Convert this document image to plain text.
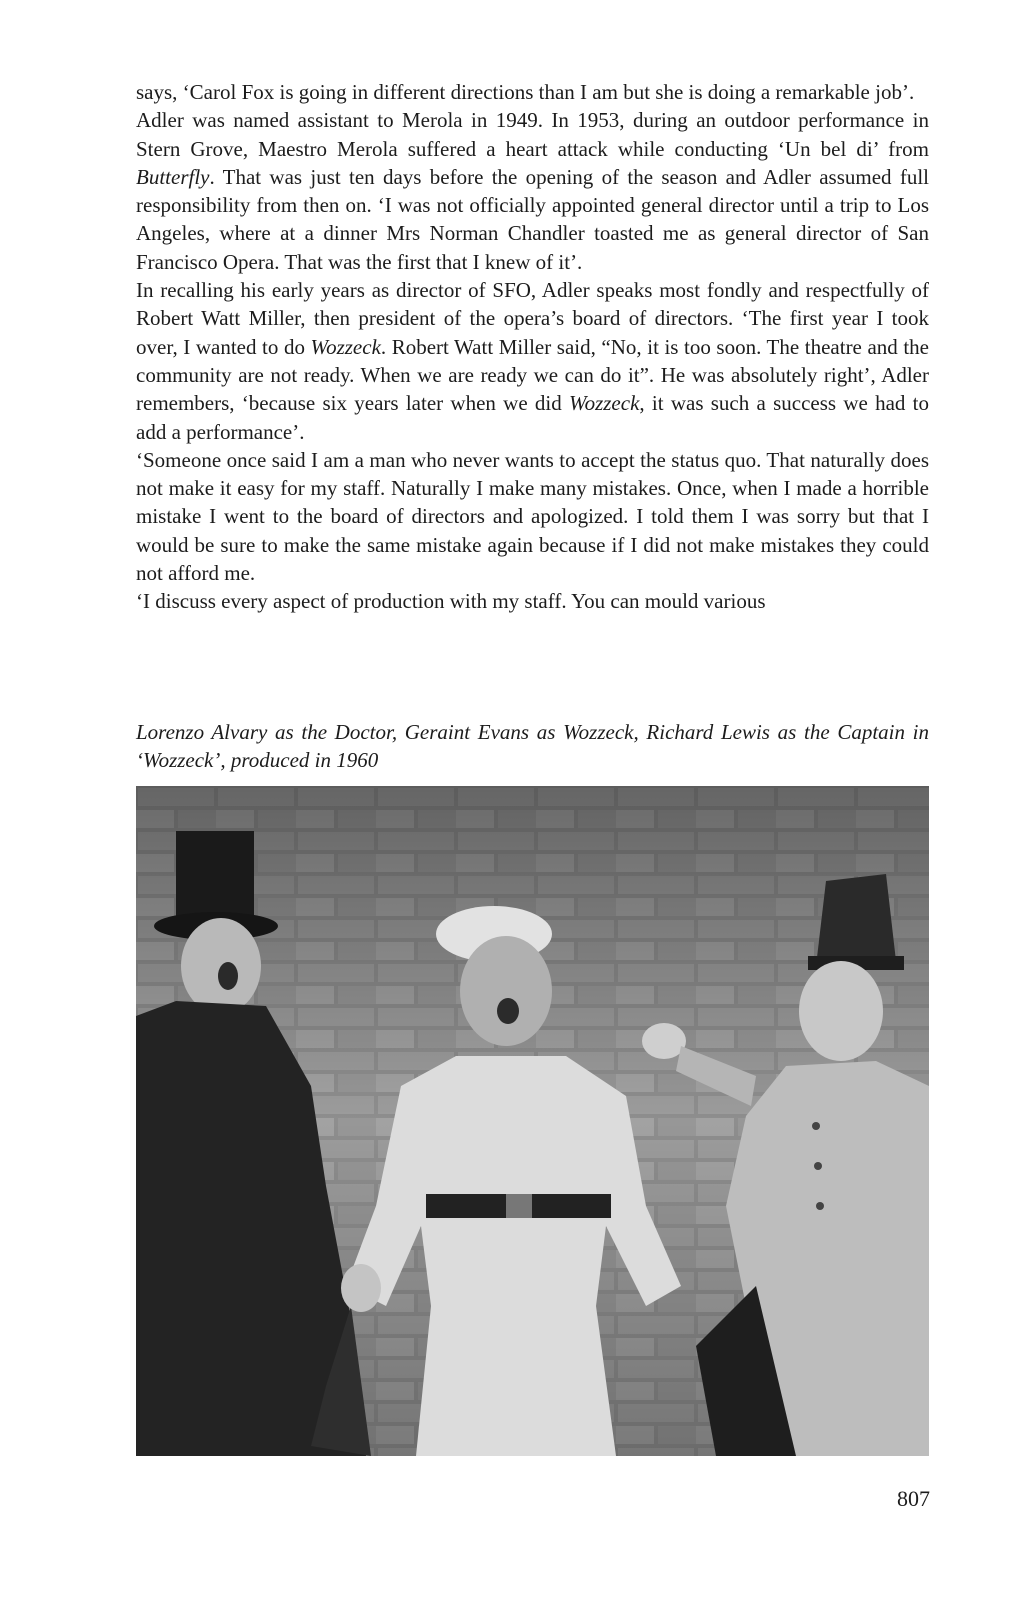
says, ‘Carol Fox is going in different directions than I am but she is doing a remarkable job’.

Adler was named assistant to Merola in 1949. In 1953, during an outdoor performance in Stern Grove, Maestro Merola suffered a heart attack while conducting ‘Un bel di’ from Butterfly. That was just ten days before the opening of the season and Adler assumed full responsibility from then on. ‘I was not officially appointed general director until a trip to Los Angeles, where at a dinner Mrs Norman Chandler toasted me as general director of San Francisco Opera. That was the first that I knew of it’.

In recalling his early years as director of SFO, Adler speaks most fondly and respectfully of Robert Watt Miller, then president of the opera’s board of directors. ‘The first year I took over, I wanted to do Wozzeck. Robert Watt Miller said, “No, it is too soon. The theatre and the community are not ready. When we are ready we can do it”. He was absolutely right’, Adler remembers, ‘because six years later when we did Wozzeck, it was such a success we had to add a performance’.

‘Someone once said I am a man who never wants to accept the status quo. That naturally does not make it easy for my staff. Naturally I make many mistakes. Once, when I made a horrible mistake I went to the board of directors and apologized. I told them I was sorry but that I would be sure to make the same mistake again because if I did not make mistakes they could not afford me.

‘I discuss every aspect of production with my staff. You can mould various

Lorenzo Alvary as the Doctor, Geraint Evans as Wozzeck, Richard Lewis as the Captain in ‘Wozzeck’, produced in 1960
807
